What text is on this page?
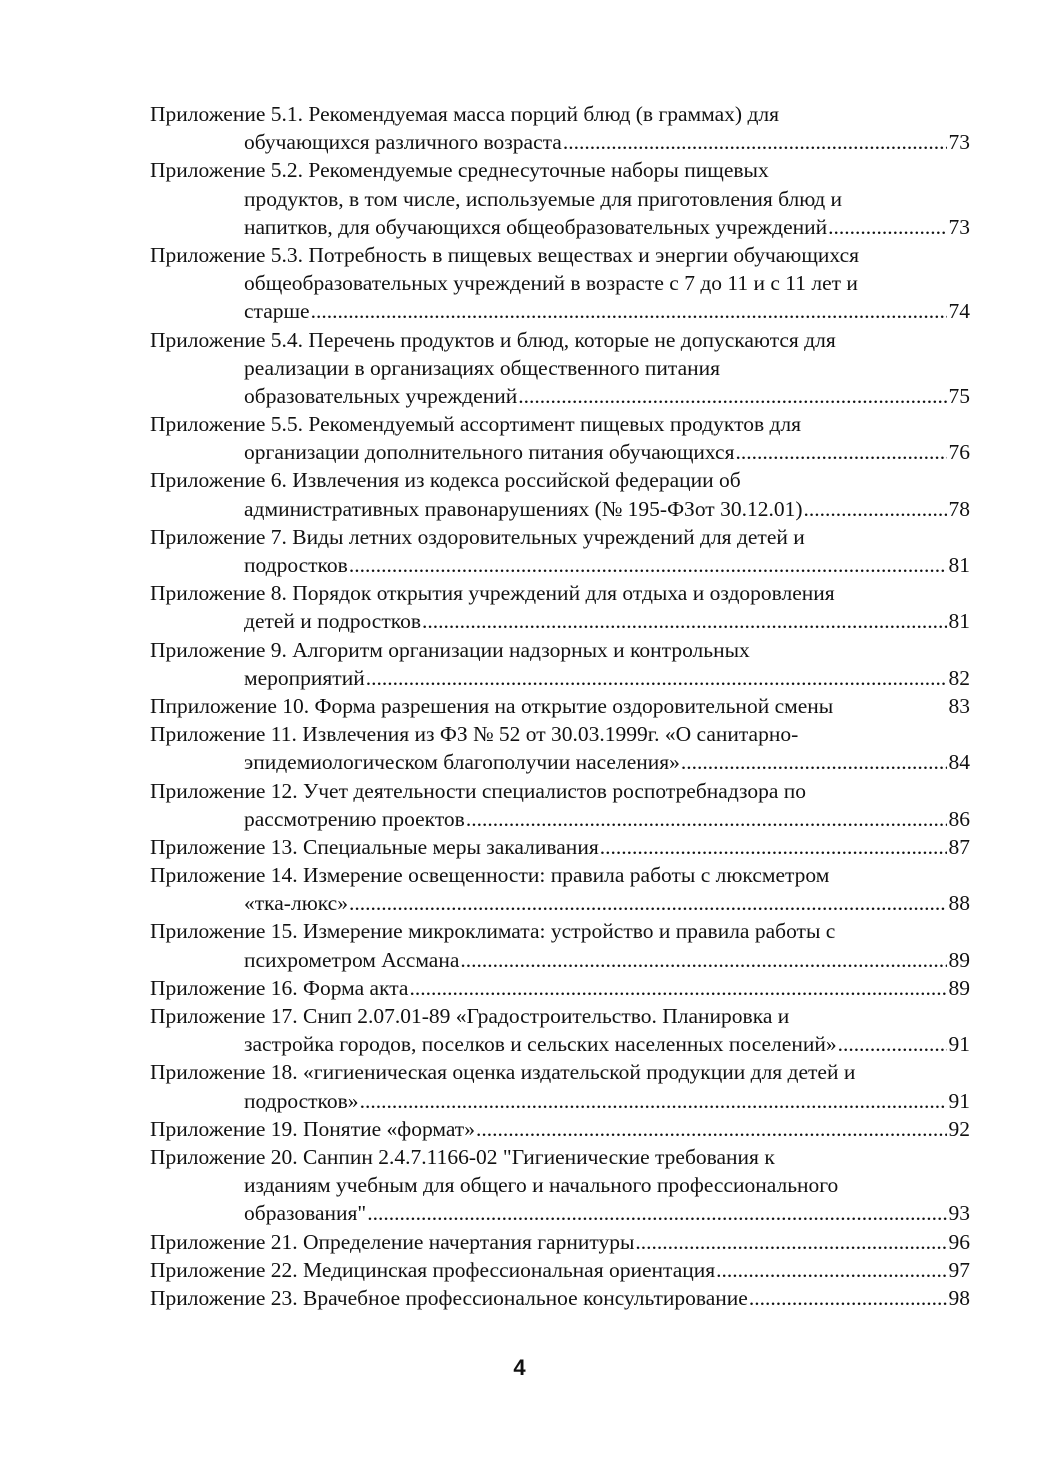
Приложение 5.1. Рекомендуемая масса порций блюд (в граммах) для
обучающихся различного возраста .....	73
Приложение 5.2. Рекомендуемые среднесуточные наборы пищевых
продуктов, в том числе, используемые для приготовления блюд и
напитков, для обучающихся общеобразовательных учреждений .....	73
Приложение 5.3. Потребность в пищевых веществах и энергии обучающихся
общеобразовательных учреждений в возрасте с 7 до 11 и с 11 лет и
старше .....	74
Приложение 5.4. Перечень продуктов и блюд, которые не допускаются для
реализации в организациях общественного питания
образовательных учреждений .....	75
Приложение 5.5. Рекомендуемый ассортимент пищевых продуктов для
организации дополнительного питания обучающихся .....	76
Приложение 6. Извлечения из кодекса российской федерации об
административных правонарушениях (№ 195-ФЗот 30.12.01) .....	78
Приложение 7. Виды летних оздоровительных учреждений для детей и
подростков .....	81
Приложение 8. Порядок открытия учреждений для отдыха и оздоровления
детей и подростков .....	81
Приложение 9. Алгоритм организации надзорных и контрольных
мероприятий .....	82
Пприложение 10. Форма разрешения на открытие оздоровительной смены	83
Приложение 11. Извлечения из ФЗ № 52 от 30.03.1999г. «О санитарно-
эпидемиологическом благополучии населения» .....	84
Приложение 12. Учет деятельности специалистов роспотребнадзора по
рассмотрению проектов .....	86
Приложение 13. Специальные меры закаливания .....	87
Приложение 14. Измерение освещенности: правила работы с люксметром
«тка-люкс» .....	88
Приложение 15. Измерение микроклимата: устройство и правила работы с
психрометром Ассмана .....	89
Приложение 16. Форма акта .....	89
Приложение 17. Снип 2.07.01-89 «Градостроительство. Планировка и
застройка городов, поселков и сельских населенных поселений» .....	91
Приложение 18. «гигиеническая оценка издательской продукции для детей и
подростков» .....	91
Приложение 19. Понятие «формат» .....	92
Приложение 20. Санпин 2.4.7.1166-02 "Гигиенические требования к
изданиям учебным для общего и начального профессионального
образования" .....	93
Приложение 21. Определение начертания гарнитуры .....	96
Приложение 22. Медицинская профессиональная ориентация .....	97
Приложение 23. Врачебное профессиональное консультирование .....	98
4
